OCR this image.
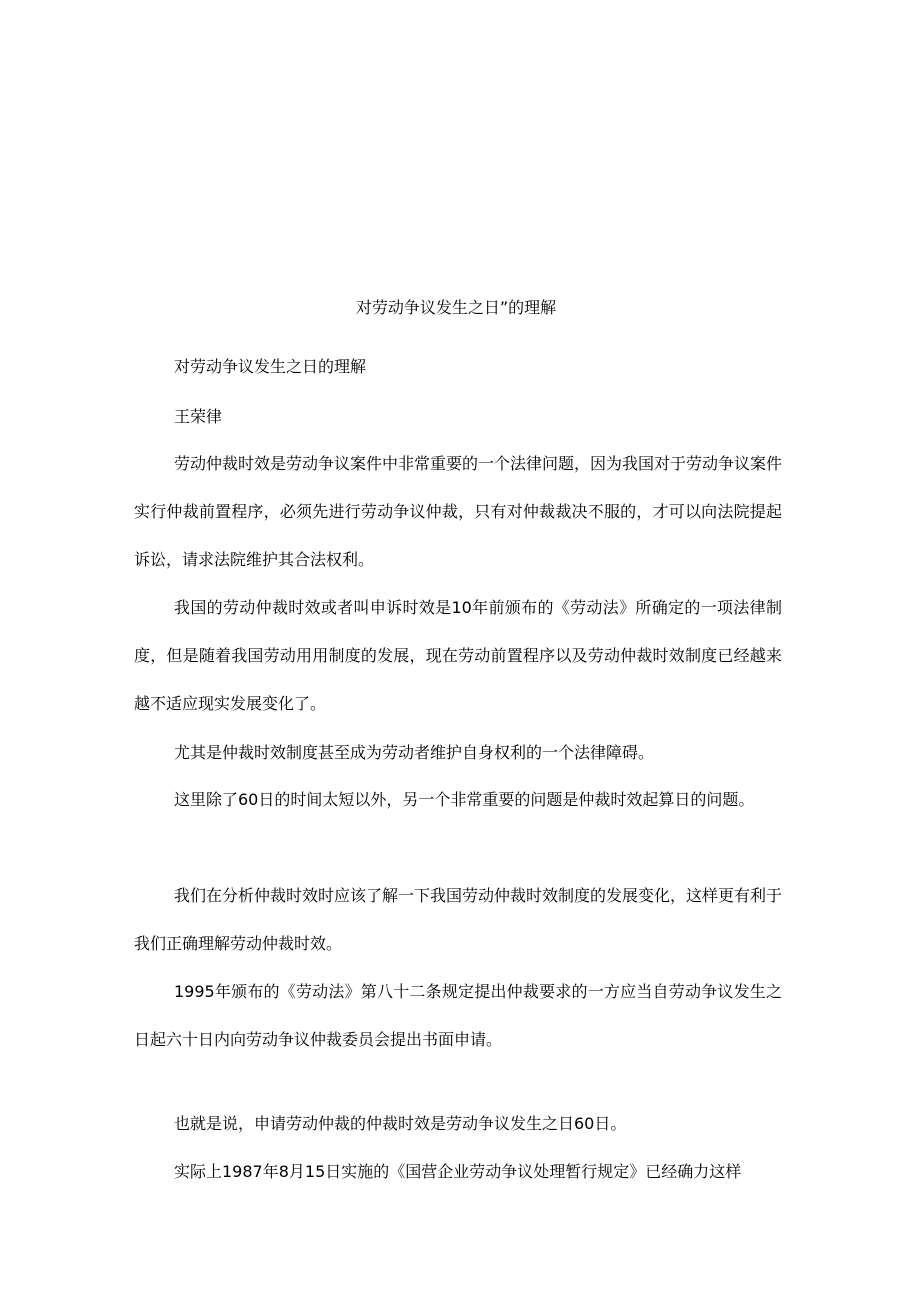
对劳动争议发生之日”的理解
对劳动争议发生之日的理解
王荣律
劳动仲裁时效是劳动争议案件中非常重要的一个法律问题，因为我国对于劳动争议案件实行仲裁前置程序，必须先进行劳动争议仲裁，只有对仲裁裁决不服的，才可以向法院提起诉讼，请求法院维护其合法权利。
我国的劳动仲裁时效或者叫申诉时效是10年前颁布的《劳动法》所确定的一项法律制度，但是随着我国劳动用用制度的发展，现在劳动前置程序以及劳动仲裁时效制度已经越来越不适应现实发展变化了。
尤其是仲裁时效制度甚至成为劳动者维护自身权利的一个法律障碍。
这里除了60日的时间太短以外，另一个非常重要的问题是仲裁时效起算日的问题。
我们在分析仲裁时效时应该了解一下我国劳动仲裁时效制度的发展变化，这样更有利于我们正确理解劳动仲裁时效。
1995年颁布的《劳动法》第八十二条规定提出仲裁要求的一方应当自劳动争议发生之日起六十日内向劳动争议仲裁委员会提出书面申请。
也就是说，申请劳动仲裁的仲裁时效是劳动争议发生之日60日。
实际上1987年8月15日实施的《国营企业劳动争议处理暂行规定》已经确力这样
